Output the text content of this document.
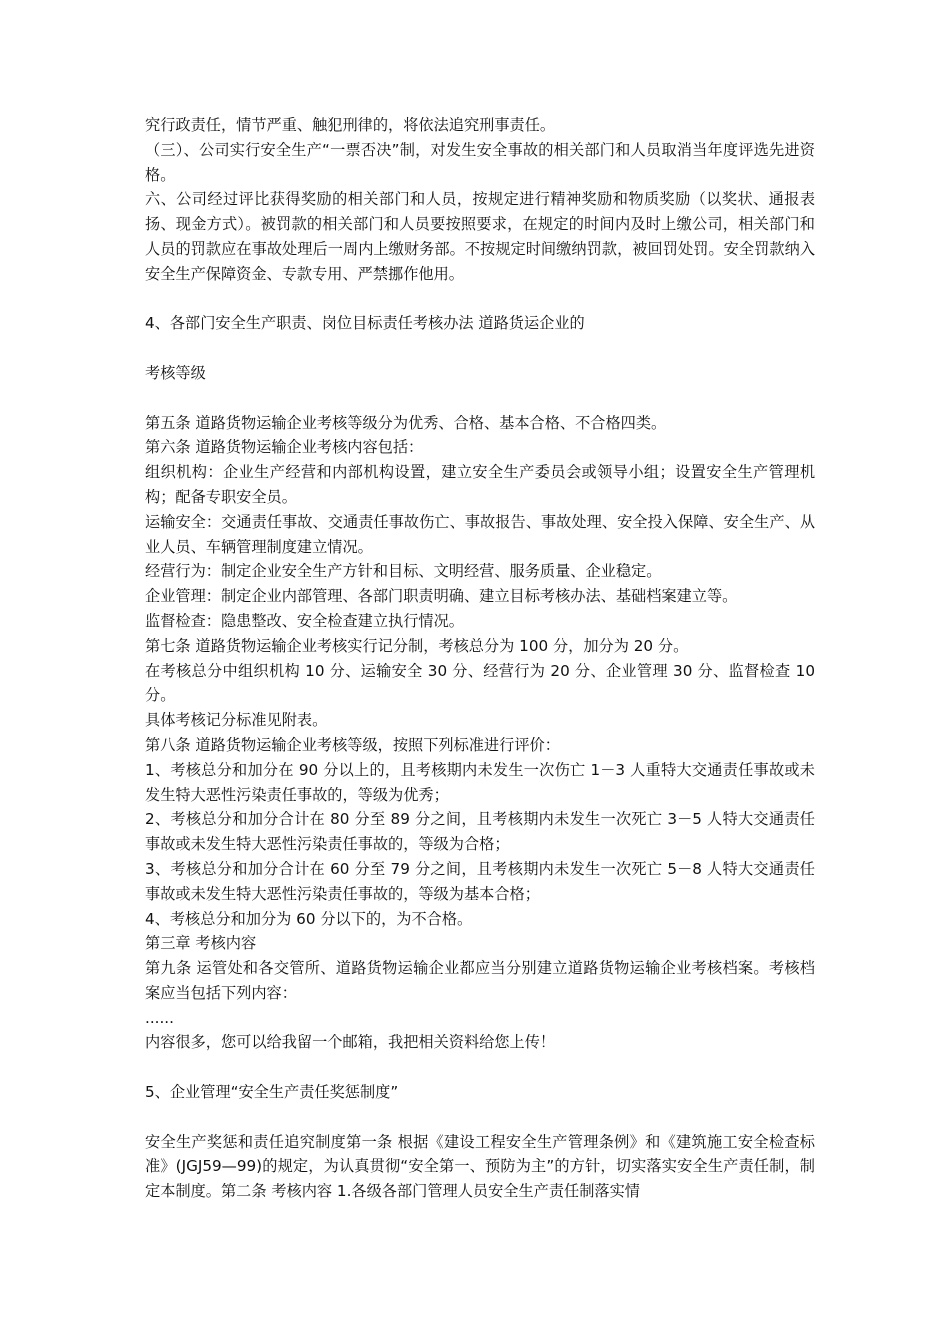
究行政责任，情节严重、触犯刑律的，将依法追究刑事责任。

（三）、公司实行安全生产“一票否决”制，对发生安全事故的相关部门和人员取消当年度评选先进资格。

六、公司经过评比获得奖励的相关部门和人员，按规定进行精神奖励和物质奖励（以奖状、通报表扬、现金方式）。被罚款的相关部门和人员要按照要求，在规定的时间内及时上缴公司，相关部门和人员的罚款应在事故处理后一周内上缴财务部。不按规定时间缴纳罚款，被回罚处罚。安全罚款纳入安全生产保障资金、专款专用、严禁挪作他用。

4、各部门安全生产职责、岗位目标责任考核办法 道路货运企业的

考核等级

第五条 道路货物运输企业考核等级分为优秀、合格、基本合格、不合格四类。

第六条 道路货物运输企业考核内容包括：

组织机构：企业生产经营和内部机构设置，建立安全生产委员会或领导小组；设置安全生产管理机构；配备专职安全员。

运输安全：交通责任事故、交通责任事故伤亡、事故报告、事故处理、安全投入保障、安全生产、从业人员、车辆管理制度建立情况。

经营行为：制定企业安全生产方针和目标、文明经营、服务质量、企业稳定。

企业管理：制定企业内部管理、各部门职责明确、建立目标考核办法、基础档案建立等。

监督检查：隐患整改、安全检查建立执行情况。

第七条 道路货物运输企业考核实行记分制，考核总分为 100 分，加分为 20 分。

在考核总分中组织机构 10 分、运输安全 30 分、经营行为 20 分、企业管理 30 分、监督检查 10 分。

具体考核记分标准见附表。

第八条 道路货物运输企业考核等级，按照下列标准进行评价：

1、考核总分和加分在 90 分以上的，且考核期内未发生一次伤亡 1－3 人重特大交通责任事故或未发生特大恶性污染责任事故的，等级为优秀；

2、考核总分和加分合计在 80 分至 89 分之间，且考核期内未发生一次死亡 3－5 人特大交通责任事故或未发生特大恶性污染责任事故的，等级为合格；

3、考核总分和加分合计在 60 分至 79 分之间，且考核期内未发生一次死亡 5－8 人特大交通责任事故或未发生特大恶性污染责任事故的，等级为基本合格；

4、考核总分和加分为 60 分以下的，为不合格。

第三章 考核内容

第九条 运管处和各交管所、道路货物运输企业都应当分别建立道路货物运输企业考核档案。考核档案应当包括下列内容：

......

内容很多，您可以给我留一个邮箱，我把相关资料给您上传！

5、企业管理“安全生产责任奖惩制度”

安全生产奖惩和责任追究制度第一条 根据《建设工程安全生产管理条例》和《建筑施工安全检查标准》(JGJ59—99)的规定，为认真贯彻“安全第一、预防为主”的方针，切实落实安全生产责任制，制定本制度。第二条 考核内容 1.各级各部门管理人员安全生产责任制落实情
